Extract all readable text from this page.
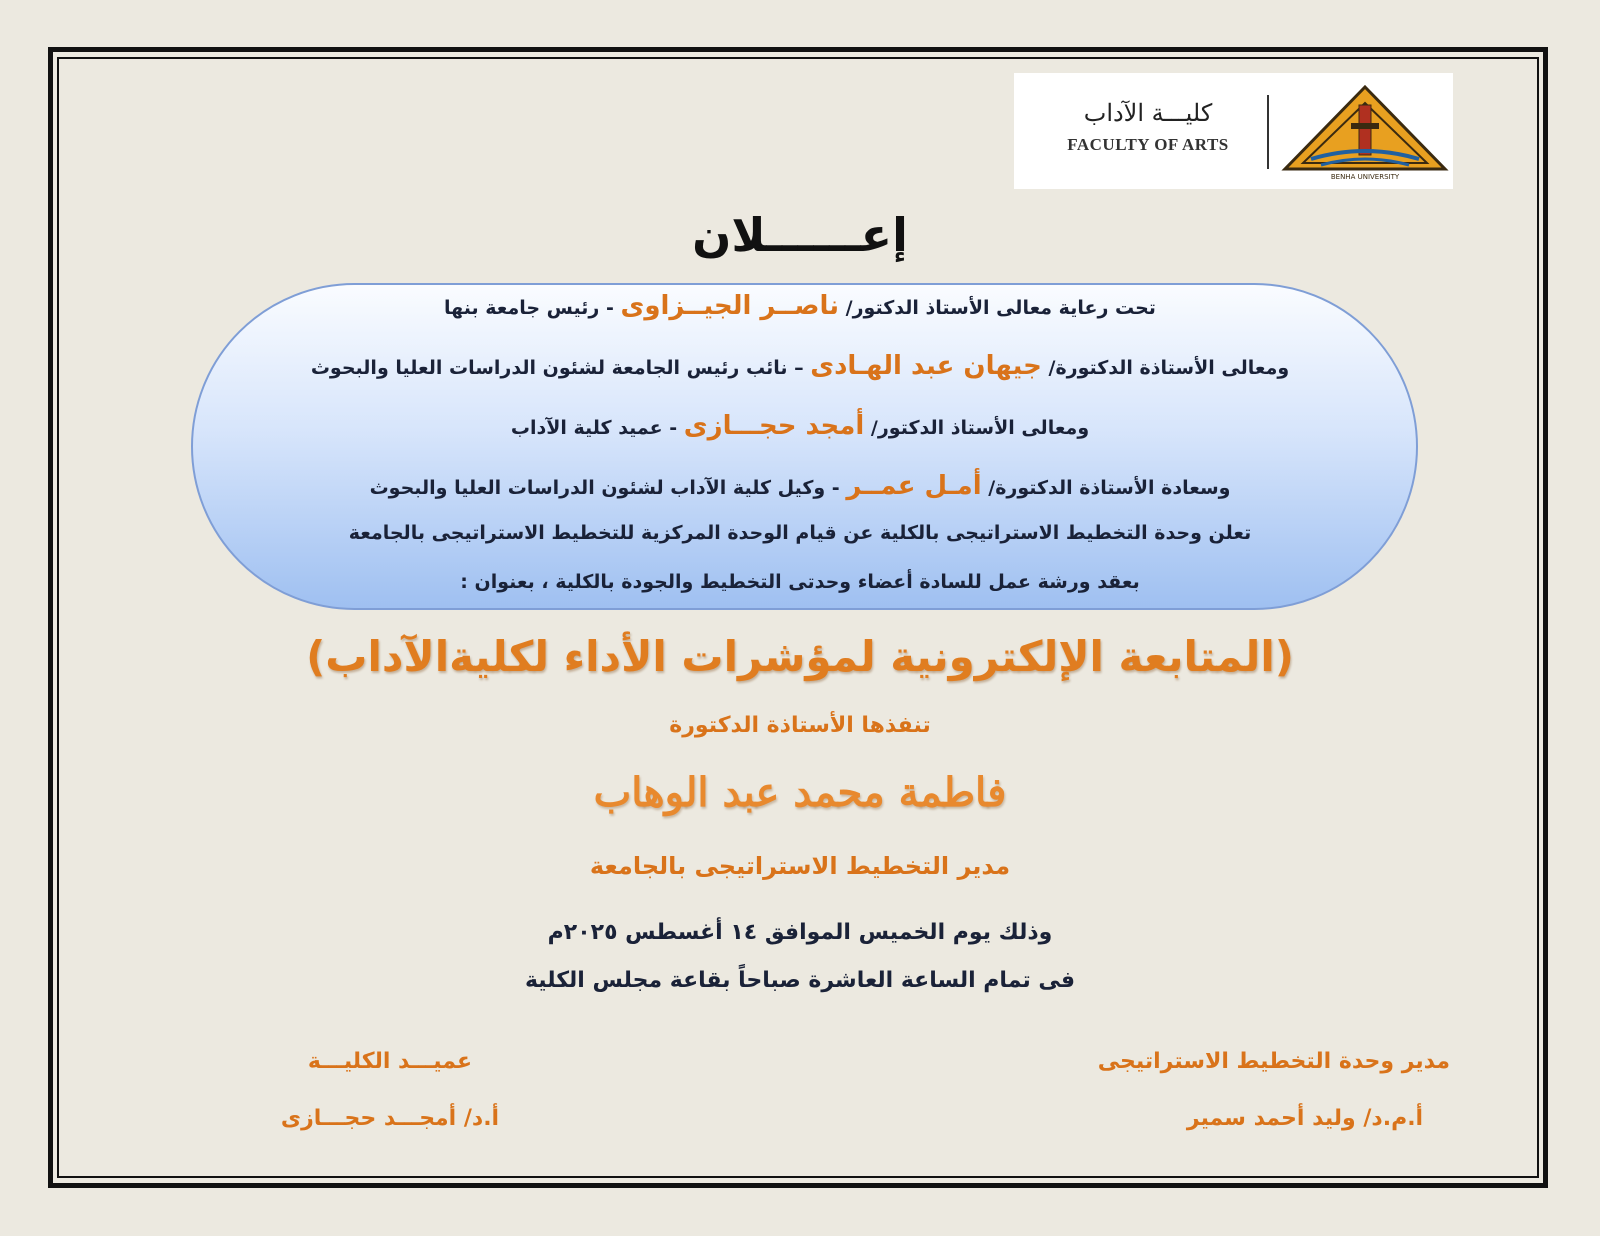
كليـــة الآداب
FACULTY OF ARTS
BENHA UNIVERSITY
إعــــــلان
تحت رعاية معالى الأستاذ الدكتور/ ناصــر الجيــزاوى - رئيس جامعة بنها
ومعالى الأستاذة الدكتورة/ جيهان عبد الهـادى – نائب رئيس الجامعة لشئون الدراسات العليا والبحوث
ومعالى الأستاذ الدكتور/ أمجد حجـــازى - عميد كلية الآداب
وسعادة الأستاذة الدكتورة/ أمـل عمــر - وكيل كلية الآداب لشئون الدراسات العليا والبحوث
تعلن وحدة التخطيط الاستراتيجى بالكلية عن قيام الوحدة المركزية للتخطيط الاستراتيجى بالجامعة
بعقد ورشة عمل للسادة أعضاء وحدتى التخطيط والجودة بالكلية ، بعنوان :
(المتابعة الإلكترونية لمؤشرات الأداء لكليةالآداب)
تنفذها الأستاذة الدكتورة
فاطمة محمد عبد الوهاب
مدير التخطيط الاستراتيجى بالجامعة
وذلك يوم الخميس الموافق ١٤ أغسطس ٢٠٢٥م
فى تمام الساعة العاشرة صباحاً بقاعة مجلس الكلية
مدير وحدة التخطيط الاستراتيجى
أ.م.د/ وليد أحمد سمير
عميـــد الكليـــة
أ.د/ أمجـــد حجـــازى
